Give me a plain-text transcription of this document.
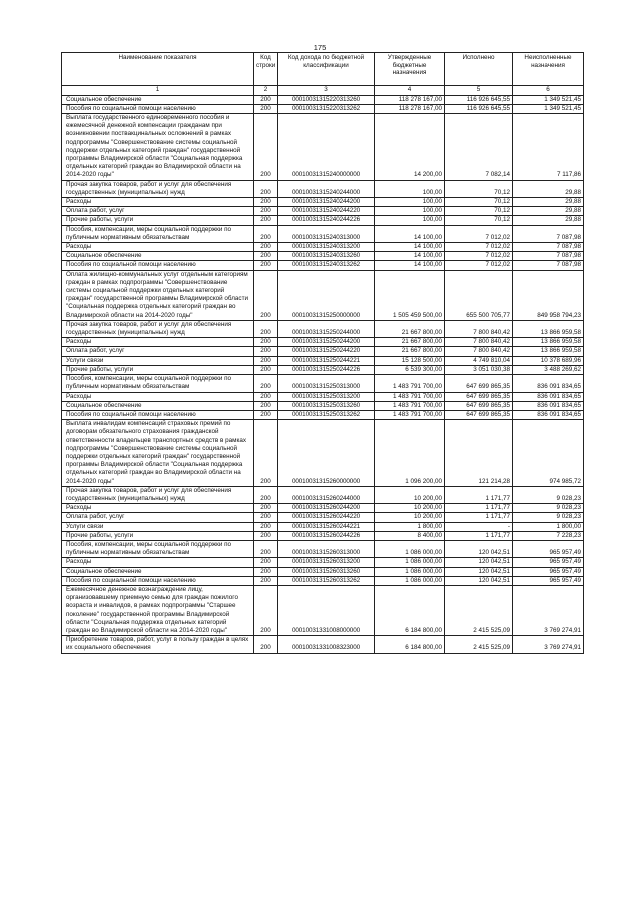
175
Наименование показателя	Код строки	Код дохода по бюджетной классификации	Утвержденные бюджетные назначения	Исполнено	Неисполненные назначения
1	2	3	4	5	6
Социальное обеспечение	200	00010031315220313260	118 278 167,00	116 926 645,55	1 349 521,45
Пособия по социальной помощи населению	200	00010031315220313262	118 278 167,00	116 926 645,55	1 349 521,45
Выплата государственного единовременного пособия и ежемесячной денежной компенсации гражданам при возникновении поствакцинальных осложнений в рамках подпрограммы "Совершенствование системы социальной поддержки отдельных категорий граждан" государственной программы Владимирской области "Социальная поддержка отдельных категорий граждан во Владимирской области на 2014-2020 годы"	200	00010031315240000000	14 200,00	7 082,14	7 117,86
Прочая закупка товаров, работ и услуг для обеспечения государственных (муниципальных) нужд	200	00010031315240244000	100,00	70,12	29,88
Расходы	200	00010031315240244200	100,00	70,12	29,88
Оплата работ, услуг	200	00010031315240244220	100,00	70,12	29,88
Прочие работы, услуги	200	00010031315240244226	100,00	70,12	29,88
Пособия, компенсации, меры социальной поддержки по публичным нормативным обязательствам	200	00010031315240313000	14 100,00	7 012,02	7 087,98
Расходы	200	00010031315240313200	14 100,00	7 012,02	7 087,98
Социальное обеспечение	200	00010031315240313260	14 100,00	7 012,02	7 087,98
Пособия по социальной помощи населению	200	00010031315240313262	14 100,00	7 012,02	7 087,98
Оплата жилищно-коммунальных услуг отдельным категориям граждан в рамках подпрограммы "Совершенствование системы социальной поддержки отдельных категорий граждан" государственной программы Владимирской области "Социальная поддержка отдельных категорий граждан во Владимирской области на 2014-2020 годы"	200	00010031315250000000	1 505 459 500,00	655 500 705,77	849 958 794,23
Прочая закупка товаров, работ и услуг для обеспечения государственных (муниципальных) нужд	200	00010031315250244000	21 667 800,00	7 800 840,42	13 866 959,58
Расходы	200	00010031315250244200	21 667 800,00	7 800 840,42	13 866 959,58
Оплата работ, услуг	200	00010031315250244220	21 667 800,00	7 800 840,42	13 866 959,58
Услуги связи	200	00010031315250244221	15 128 500,00	4 749 810,04	10 378 689,96
Прочие работы, услуги	200	00010031315250244226	6 539 300,00	3 051 030,38	3 488 269,62
Пособия, компенсации, меры социальной поддержки по публичным нормативным обязательствам	200	00010031315250313000	1 483 791 700,00	647 699 865,35	836 091 834,65
Расходы	200	00010031315250313200	1 483 791 700,00	647 699 865,35	836 091 834,65
Социальное обеспечение	200	00010031315250313260	1 483 791 700,00	647 699 865,35	836 091 834,65
Пособия по социальной помощи населению	200	00010031315250313262	1 483 791 700,00	647 699 865,35	836 091 834,65
Выплата инвалидам компенсаций страховых премий по договорам обязательного страхования гражданской ответственности владельцев транспортных средств в рамках подпрограммы "Совершенствование системы социальной поддержки отдельных категорий граждан" государственной программы Владимирской области "Социальная поддержка отдельных категорий граждан во Владимирской области на 2014-2020 годы"	200	00010031315260000000	1 096 200,00	121 214,28	974 985,72
Прочая закупка товаров, работ и услуг для обеспечения государственных (муниципальных) нужд	200	00010031315260244000	10 200,00	1 171,77	9 028,23
Расходы	200	00010031315260244200	10 200,00	1 171,77	9 028,23
Оплата работ, услуг	200	00010031315260244220	10 200,00	1 171,77	9 028,23
Услуги связи	200	00010031315260244221	1 800,00	-	1 800,00
Прочие работы, услуги	200	00010031315260244226	8 400,00	1 171,77	7 228,23
Пособия, компенсации, меры социальной поддержки по публичным нормативным обязательствам	200	00010031315260313000	1 086 000,00	120 042,51	965 957,49
Расходы	200	00010031315260313200	1 086 000,00	120 042,51	965 957,49
Социальное обеспечение	200	00010031315260313260	1 086 000,00	120 042,51	965 957,49
Пособия по социальной помощи населению	200	00010031315260313262	1 086 000,00	120 042,51	965 957,49
Ежемесячное денежное вознаграждение лицу, организовавшему приемную семью для граждан пожилого возраста и инвалидов, в рамках подпрограммы "Старшее поколение" государственной программы Владимирской области "Социальная поддержка отдельных категорий граждан во Владимирской области на 2014-2020 годы"	200	00010031331008000000	6 184 800,00	2 415 525,09	3 769 274,91
Приобретение товаров, работ, услуг в пользу граждан в целях их социального обеспечения	200	00010031331008323000	6 184 800,00	2 415 525,09	3 769 274,91
